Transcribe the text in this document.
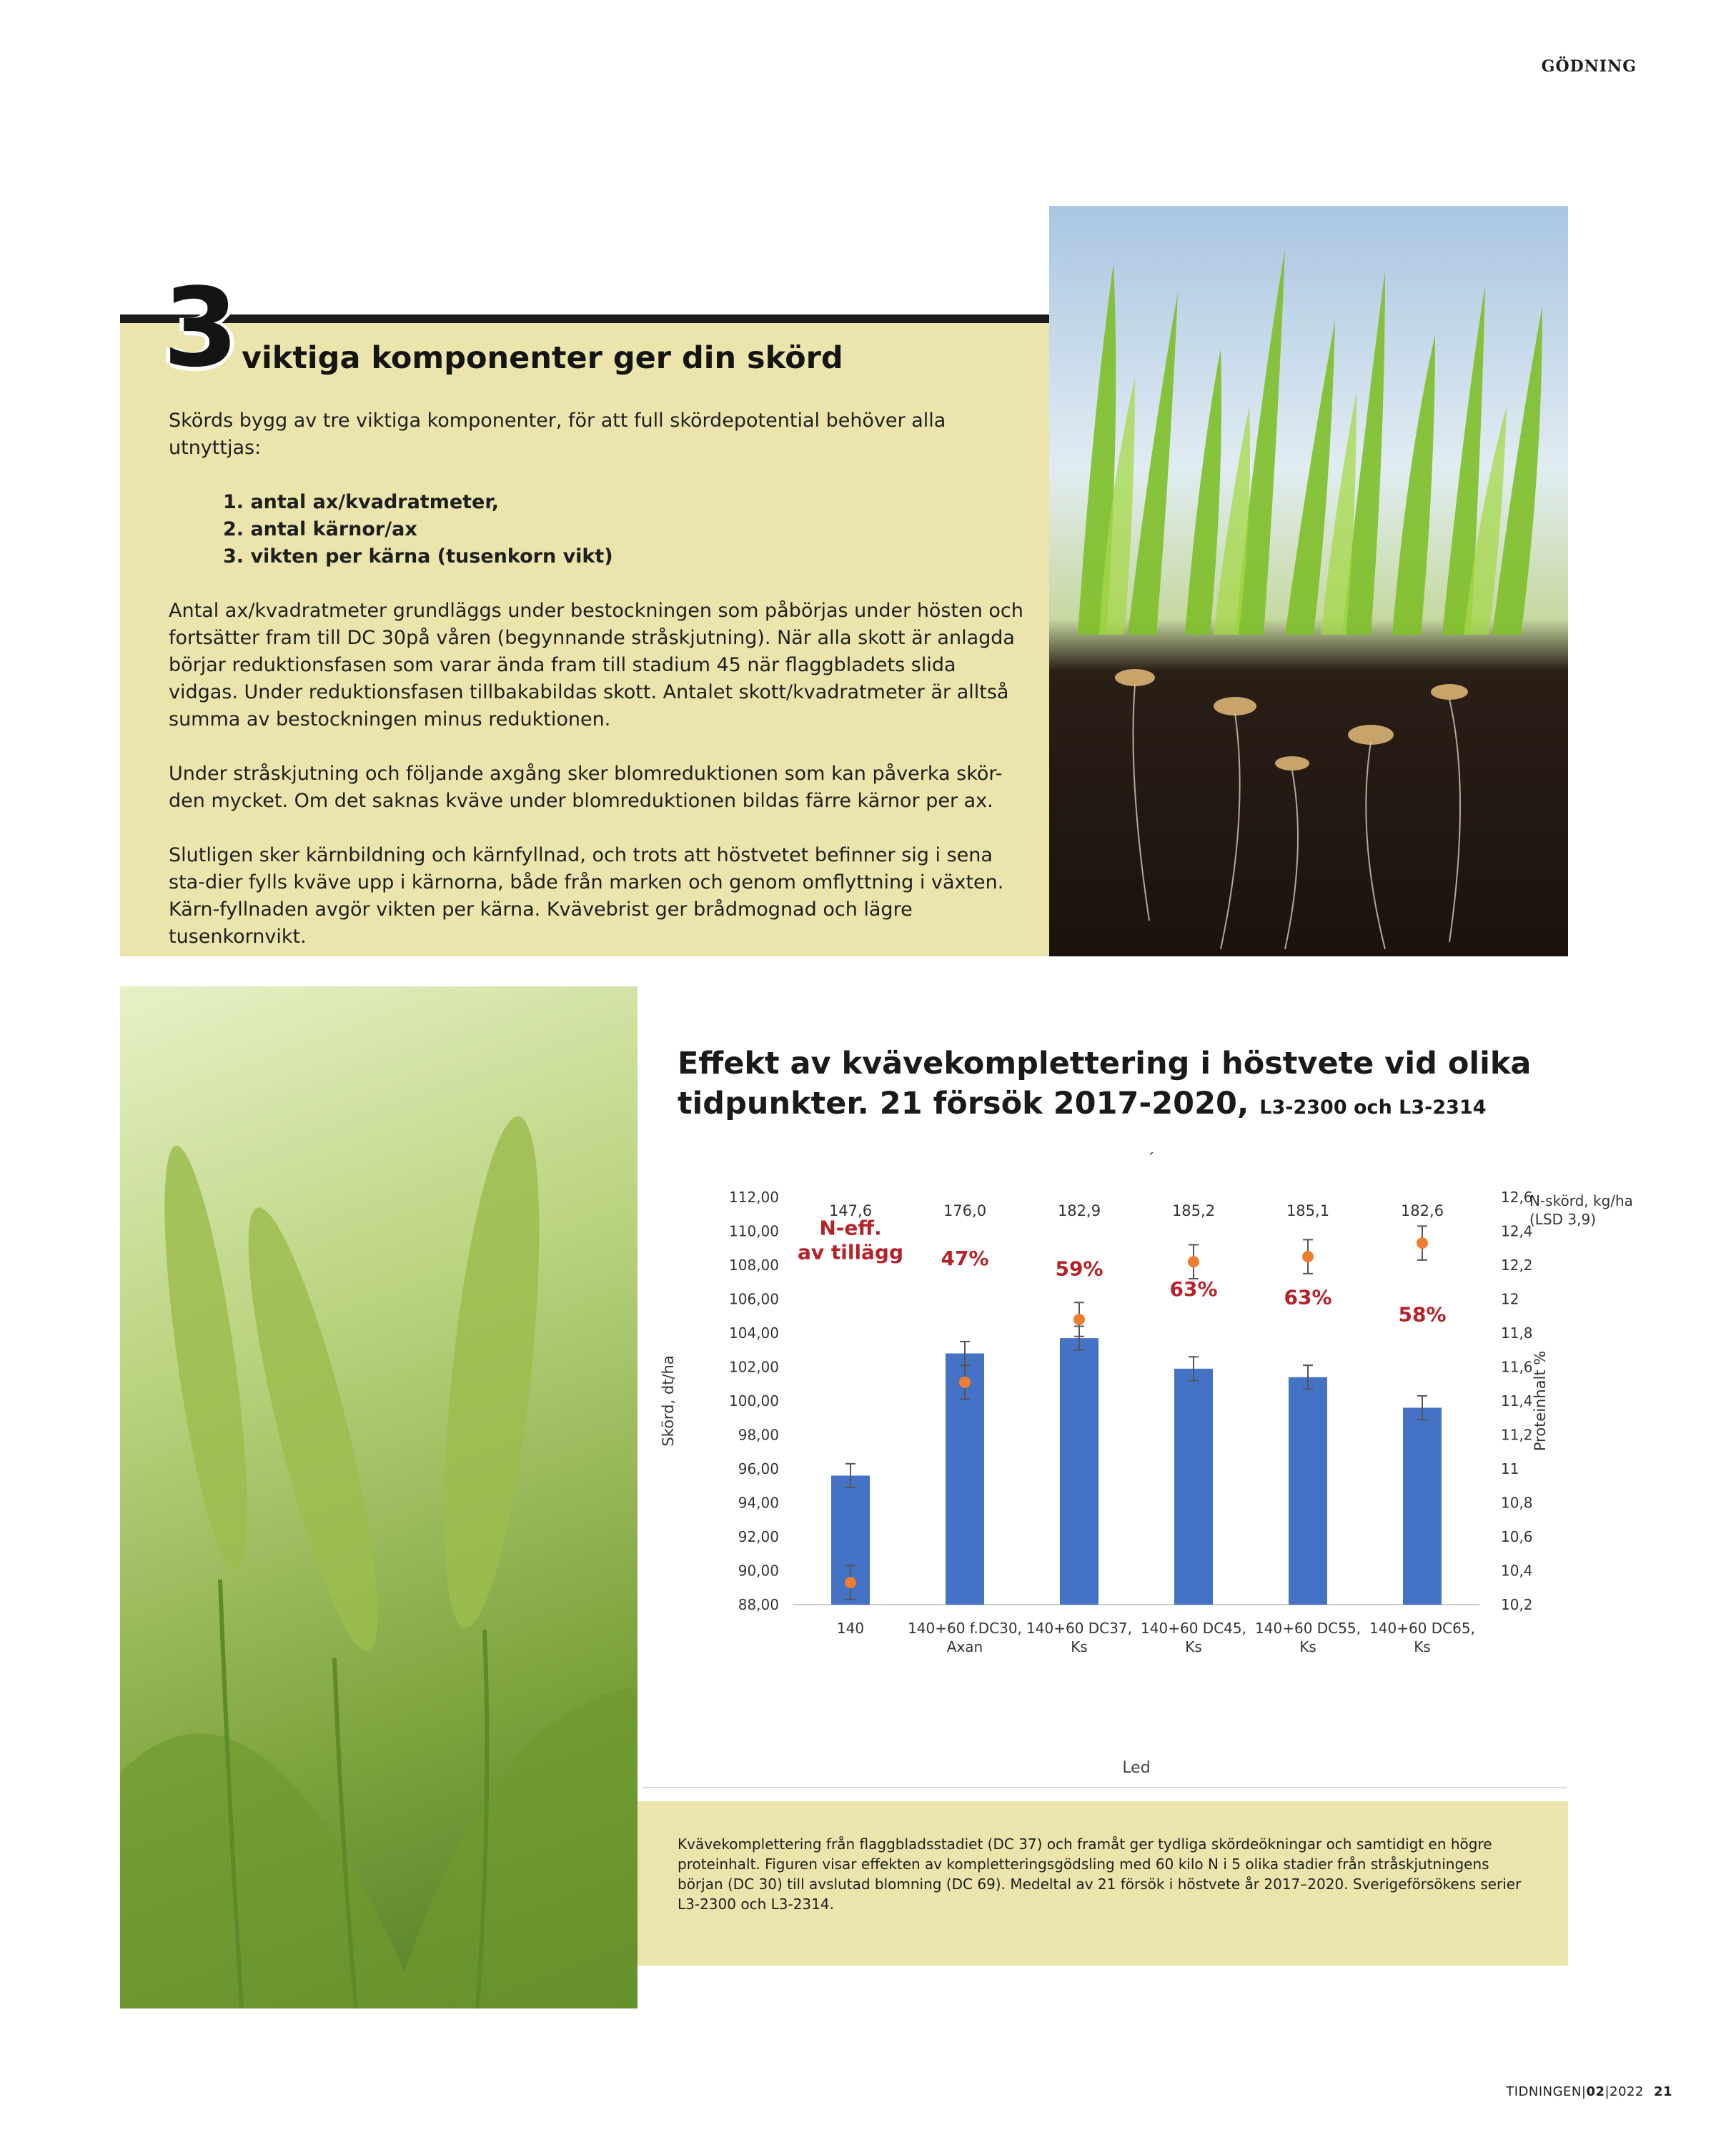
GÖDNING
3 viktiga komponenter ger din skörd

Skörds bygg av tre viktiga komponenter, för att full skördepotential behöver alla utnyttjas:

1. antal ax/kvadratmeter,
2. antal kärnor/ax
3. vikten per kärna (tusenkorn vikt)

Antal ax/kvadratmeter grundläggs under bestockningen som påbörjas under hösten och fortsätter fram till DC 30på våren (begynnande stråskjutning). När alla skott är anlagda börjar reduktionsfasen som varar ända fram till stadium 45 när flaggbladets slida vidgas. Under reduktionsfasen tillbakabildas skott. Antalet skott/kvadratmeter är alltså summa av bestockningen minus reduktionen.

Under stråskjutning och följande axgång sker blomreduktionen som kan påverka skör-den mycket. Om det saknas kväve under blomreduktionen bildas färre kärnor per ax.

Slutligen sker kärnbildning och kärnfyllnad, och trots att höstvetet befinner sig i sena sta-dier fylls kväve upp i kärnorna, både från marken och genom omflyttning i växten. Kärn-fyllnaden avgör vikten per kärna. Kvävebrist ger brådmognad och lägre tusenkornvikt.

Effekt av kvävekomplettering i höstvete vid olika tidpunkter. 21 försök 2017-2020, L3-2300 och L3-2314
88,00
90,00
92,00
94,00
96,00
98,00
100,00
102,00
104,00
106,00
108,00
110,00
112,00
10,2
10,4
10,6
10,8
11
11,2
11,4
11,6
11,8
12
12,2
12,4
12,6
Skörd, dt/ha	Proteinhalt %
Led
140	140+60 f.DC30,
Axan
140+60 DC37,
Ks
140+60 DC45,
Ks
140+60 DC55,
Ks
140+60 DC65,
Ks
147,6	176,0	182,9	185,2	185,1	182,6
N-skörd, kg/ha
(LSD 3,9)
N-eff.
av tillägg 47%	59%
63%	63%
58%
´
Kvävekomplettering från flaggbladsstadiet (DC 37) och framåt ger tydliga skördeökningar och samtidigt en högre proteinhalt. Figuren visar effekten av kompletteringsgödsling med 60 kilo N i 5 olika stadier från stråskjutningens början (DC 30) till avslutad blomning (DC 69). Medeltal av 21 försök i höstvete år 2017–2020. Sverigeförsökens serier L3-2300 och L3-2314.
TIDNINGEN|02|2022 21
